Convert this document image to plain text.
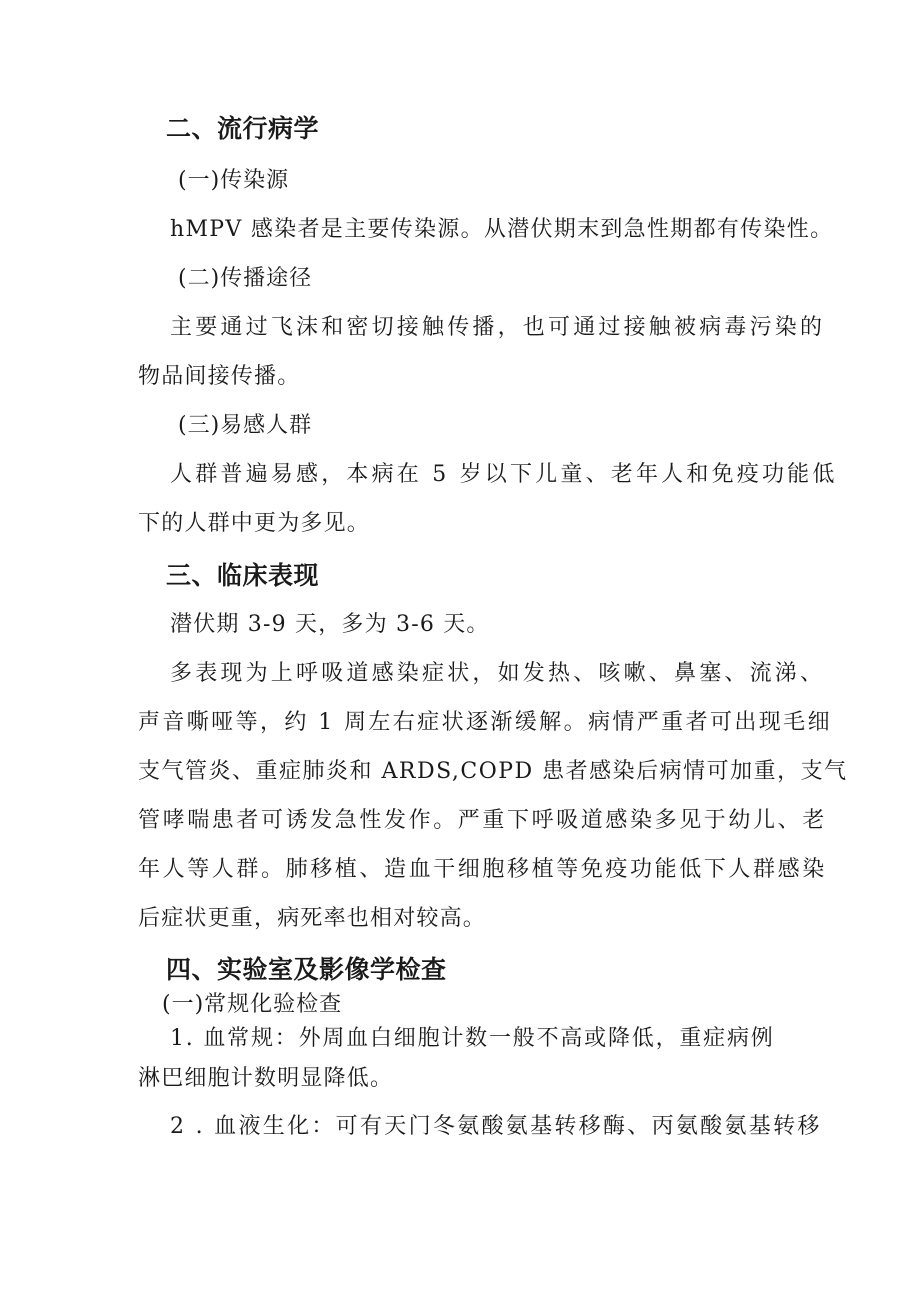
二、流行病学
(一)传染源
hMPV 感染者是主要传染源。从潜伏期末到急性期都有传染性。
(二)传播途径
主要通过飞沫和密切接触传播，也可通过接触被病毒污染的
物品间接传播。
(三)易感人群
人群普遍易感，本病在 5 岁以下儿童、老年人和免疫功能低
下的人群中更为多见。
三、临床表现
潜伏期 3-9 天，多为 3-6 天。
多表现为上呼吸道感染症状，如发热、咳嗽、鼻塞、流涕、
声音嘶哑等，约 1 周左右症状逐渐缓解。病情严重者可出现毛细
支气管炎、重症肺炎和 ARDS,COPD 患者感染后病情可加重，支气
管哮喘患者可诱发急性发作。严重下呼吸道感染多见于幼儿、老
年人等人群。肺移植、造血干细胞移植等免疫功能低下人群感染
后症状更重，病死率也相对较高。
四、实验室及影像学检查
(一)常规化验检查
1. 血常规：外周血白细胞计数一般不高或降低，重症病例
淋巴细胞计数明显降低。
2 . 血液生化：可有天门冬氨酸氨基转移酶、丙氨酸氨基转移
